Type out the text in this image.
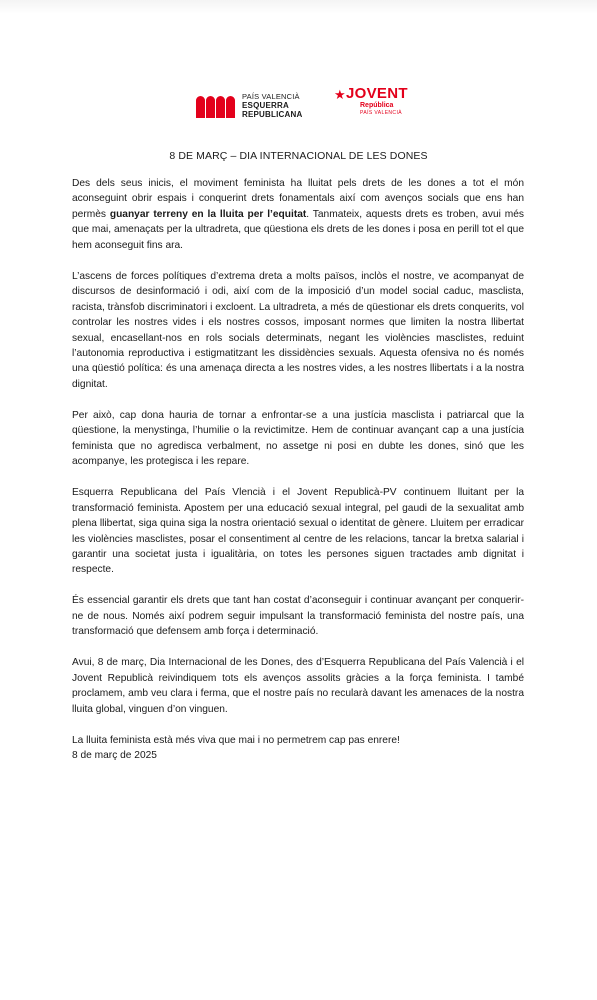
PAÍS VALENCIÀ
ESQUERRA
REPUBLICANA
★ JOVENT
República
PAÍS VALENCIÀ
8 DE MARÇ – DIA INTERNACIONAL DE LES DONES

Des dels seus inicis, el moviment feminista ha lluitat pels drets de les dones a tot el món aconseguint obrir espais i conquerint drets fonamentals així com avenços socials que ens han permès guanyar terreny en la lluita per l’equitat. Tanmateix, aquests drets es troben, avui més que mai, amenaçats per la ultradreta, que qüestiona els drets de les dones i posa en perill tot el que hem aconseguit fins ara.

L’ascens de forces polítiques d’extrema dreta a molts països, inclòs el nostre, ve acompanyat de discursos de desinformació i odi, així com de la imposició d’un model social caduc, masclista, racista, trànsfob discriminatori i excloent. La ultradreta, a més de qüestionar els drets conquerits, vol controlar les nostres vides i els nostres cossos, imposant normes que limiten la nostra llibertat sexual, encasellant-nos en rols socials determinats, negant les violències masclistes, reduint l’autonomia reproductiva i estigmatitzant les dissidències sexuals. Aquesta ofensiva no és només una qüestió política: és una amenaça directa a les nostres vides, a les nostres llibertats i a la nostra dignitat.

Per això, cap dona hauria de tornar a enfrontar-se a una justícia masclista i patriarcal que la qüestione, la menystinga, l’humilie o la revictimitze. Hem de continuar avançant cap a una justícia feminista que no agredisca verbalment, no assetge ni posi en dubte les dones, sinó que les acompanye, les protegisca i les repare.

Esquerra Republicana del País Vlencià i el Jovent Republicà-PV continuem lluitant per la transformació feminista. Apostem per una educació sexual integral, pel gaudi de la sexualitat amb plena llibertat, siga quina siga la nostra orientació sexual o identitat de gènere. Lluitem per erradicar les violències masclistes, posar el consentiment al centre de les relacions, tancar la bretxa salarial i garantir una societat justa i igualitària, on totes les persones siguen tractades amb dignitat i respecte.

És essencial garantir els drets que tant han costat d’aconseguir i continuar avançant per conquerir-ne de nous. Només així podrem seguir impulsant la transformació feminista del nostre país, una transformació que defensem amb força i determinació.

Avui, 8 de març, Dia Internacional de les Dones, des d’Esquerra Republicana del País Valencià i el Jovent Republicà reivindiquem tots els avenços assolits gràcies a la força feminista. I també proclamem, amb veu clara i ferma, que el nostre país no recularà davant les amenaces de la nostra lluita global, vinguen d’on vinguen.

La lluita feminista està més viva que mai i no permetrem cap pas enrere!

8 de març de 2025
